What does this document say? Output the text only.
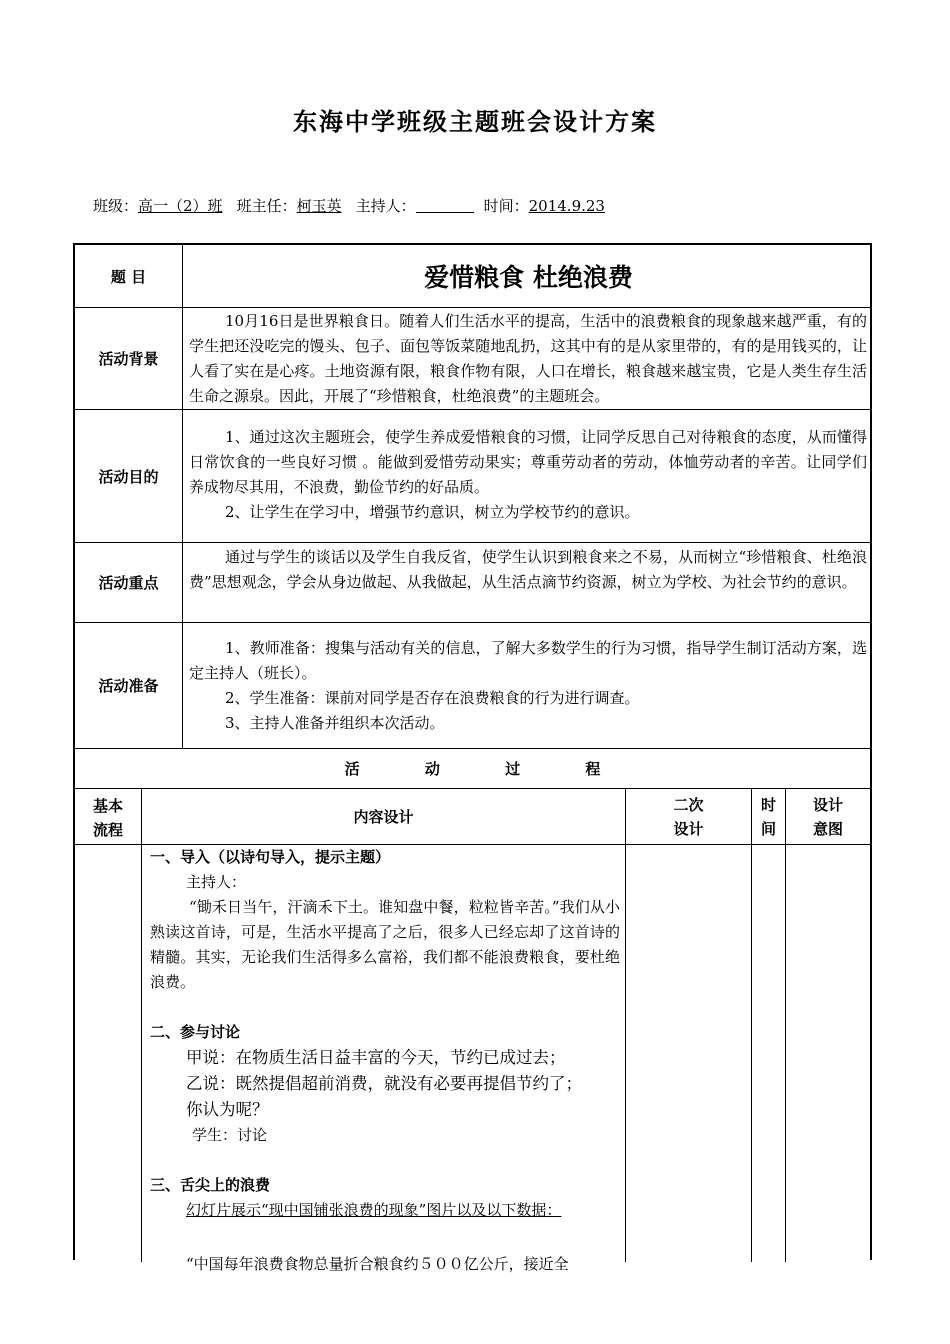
东海中学班级主题班会设计方案
班级：高一（2）班 班主任：柯玉英 主持人：	时间：2014.9.23
题 目	爱惜粮食 杜绝浪费
活动背景

10月16日是世界粮食日。随着人们生活水平的提高，生活中的浪费粮食的现象越来越严重，有的学生把还没吃完的馒头、包子、面包等饭菜随地乱扔，这其中有的是从家里带的，有的是用钱买的，让人看了实在是心疼。土地资源有限，粮食作物有限，人口在增长，粮食越来越宝贵，它是人类生存生活生命之源泉。因此，开展了“珍惜粮食，杜绝浪费”的主题班会。

活动目的

1、通过这次主题班会，使学生养成爱惜粮食的习惯，让同学反思自己对待粮食的态度，从而懂得日常饮食的一些良好习惯 。能做到爱惜劳动果实；尊重劳动者的劳动，体恤劳动者的辛苦。让同学们养成物尽其用，不浪费，勤俭节约的好品质。

2、让学生在学习中，增强节约意识，树立为学校节约的意识。

活动重点

通过与学生的谈话以及学生自我反省，使学生认识到粮食来之不易，从而树立“珍惜粮食、杜绝浪费”思想观念，学会从身边做起、从我做起，从生活点滴节约资源，树立为学校、为社会节约的意识。

活动准备

1、教师准备：搜集与活动有关的信息，了解大多数学生的行为习惯，指导学生制订活动方案，选定主持人（班长）。

2、学生准备：课前对同学是否存在浪费粮食的行为进行调查。

3、主持人准备并组织本次活动。

活 动 过 程
基本
流程
内容设计
二次
设计
时
间
设计
意图
一、导入（以诗句导入，提示主题）
主持人：

“锄禾日当午，汗滴禾下土。谁知盘中餐，粒粒皆辛苦。”我们从小熟读这首诗，可是，生活水平提高了之后，很多人已经忘却了这首诗的精髓。其实，无论我们生活得多么富裕，我们都不能浪费粮食，要杜绝浪费。

二、参与讨论
甲说：在物质生活日益丰富的今天，节约已成过去；
乙说：既然提倡超前消费，就没有必要再提倡节约了；
你认为呢？
学生：讨论
三、舌尖上的浪费
幻灯片展示“现中国铺张浪费的现象”图片以及以下数据：
“中国每年浪费食物总量折合粮食约５００亿公斤，接近全
